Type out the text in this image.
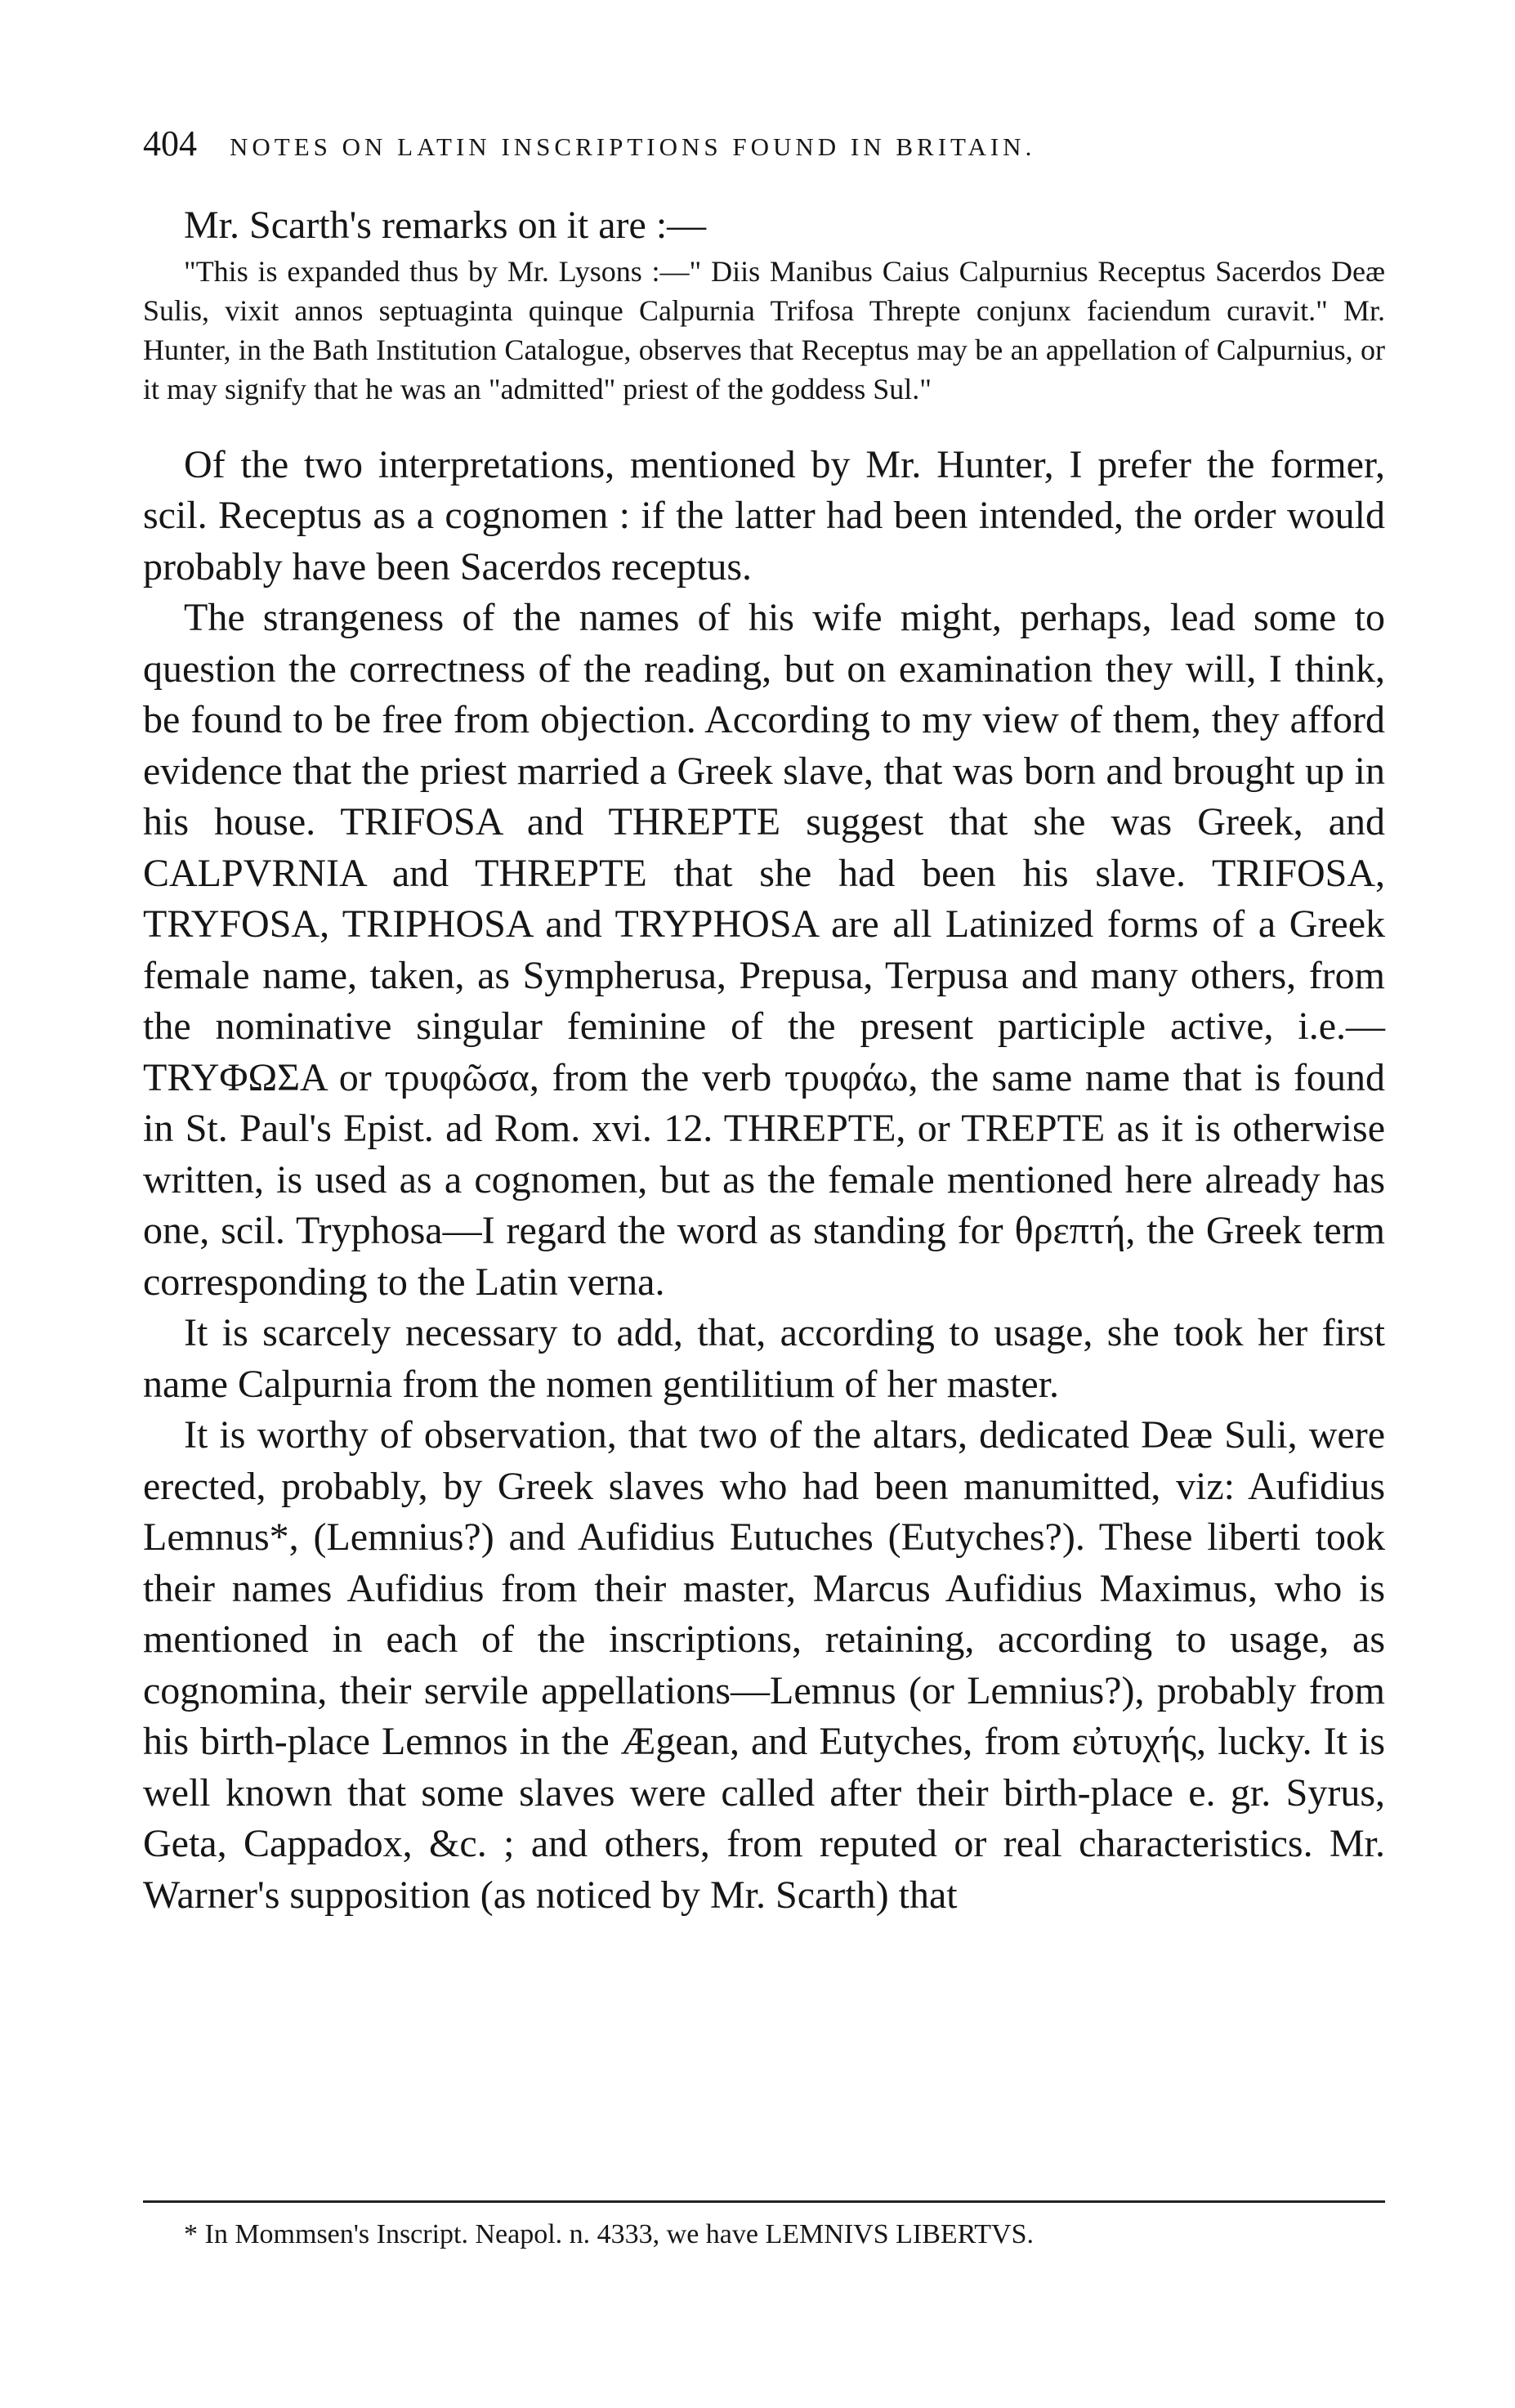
404 NOTES ON LATIN INSCRIPTIONS FOUND IN BRITAIN.

Mr. Scarth's remarks on it are :—

"This is expanded thus by Mr. Lysons :—" Diis Manibus Caius Calpurnius Receptus Sacerdos Deæ Sulis, vixit annos septuaginta quinque Calpurnia Trifosa Threpte conjunx faciendum curavit." Mr. Hunter, in the Bath Institution Catalogue, observes that Receptus may be an appellation of Calpurnius, or it may signify that he was an "admitted" priest of the goddess Sul."

Of the two interpretations, mentioned by Mr. Hunter, I prefer the former, scil. Receptus as a cognomen : if the latter had been intended, the order would probably have been Sacerdos receptus.

The strangeness of the names of his wife might, perhaps, lead some to question the correctness of the reading, but on examination they will, I think, be found to be free from objection. According to my view of them, they afford evidence that the priest married a Greek slave, that was born and brought up in his house. TRIFOSA and THREPTE suggest that she was Greek, and CALPVRNIA and THREPTE that she had been his slave. TRIFOSA, TRYFOSA, TRIPHOSA and TRYPHOSA are all Latinized forms of a Greek female name, taken, as Sympherusa, Prepusa, Terpusa and many others, from the nominative singular feminine of the present participle active, i.e.—TRYΦΩΣΑ or τρυφῶσα, from the verb τρυφάω, the same name that is found in St. Paul's Epist. ad Rom. xvi. 12. THREPTE, or TREPTE as it is otherwise written, is used as a cognomen, but as the female mentioned here already has one, scil. Tryphosa—I regard the word as standing for θρεπτή, the Greek term corresponding to the Latin verna.

It is scarcely necessary to add, that, according to usage, she took her first name Calpurnia from the nomen gentilitium of her master.

It is worthy of observation, that two of the altars, dedicated Deæ Suli, were erected, probably, by Greek slaves who had been manumitted, viz: Aufidius Lemnus*, (Lemnius?) and Aufidius Eutuches (Eutyches?). These liberti took their names Aufidius from their master, Marcus Aufidius Maximus, who is mentioned in each of the inscriptions, retaining, according to usage, as cognomina, their servile appellations—Lemnus (or Lemnius?), probably from his birth-place Lemnos in the Ægean, and Eutyches, from εὐτυχής, lucky. It is well known that some slaves were called after their birth-place e. gr. Syrus, Geta, Cappadox, &c. ; and others, from reputed or real characteristics. Mr. Warner's supposition (as noticed by Mr. Scarth) that

* In Mommsen's Inscript. Neapol. n. 4333, we have LEMNIVS LIBERTVS.
